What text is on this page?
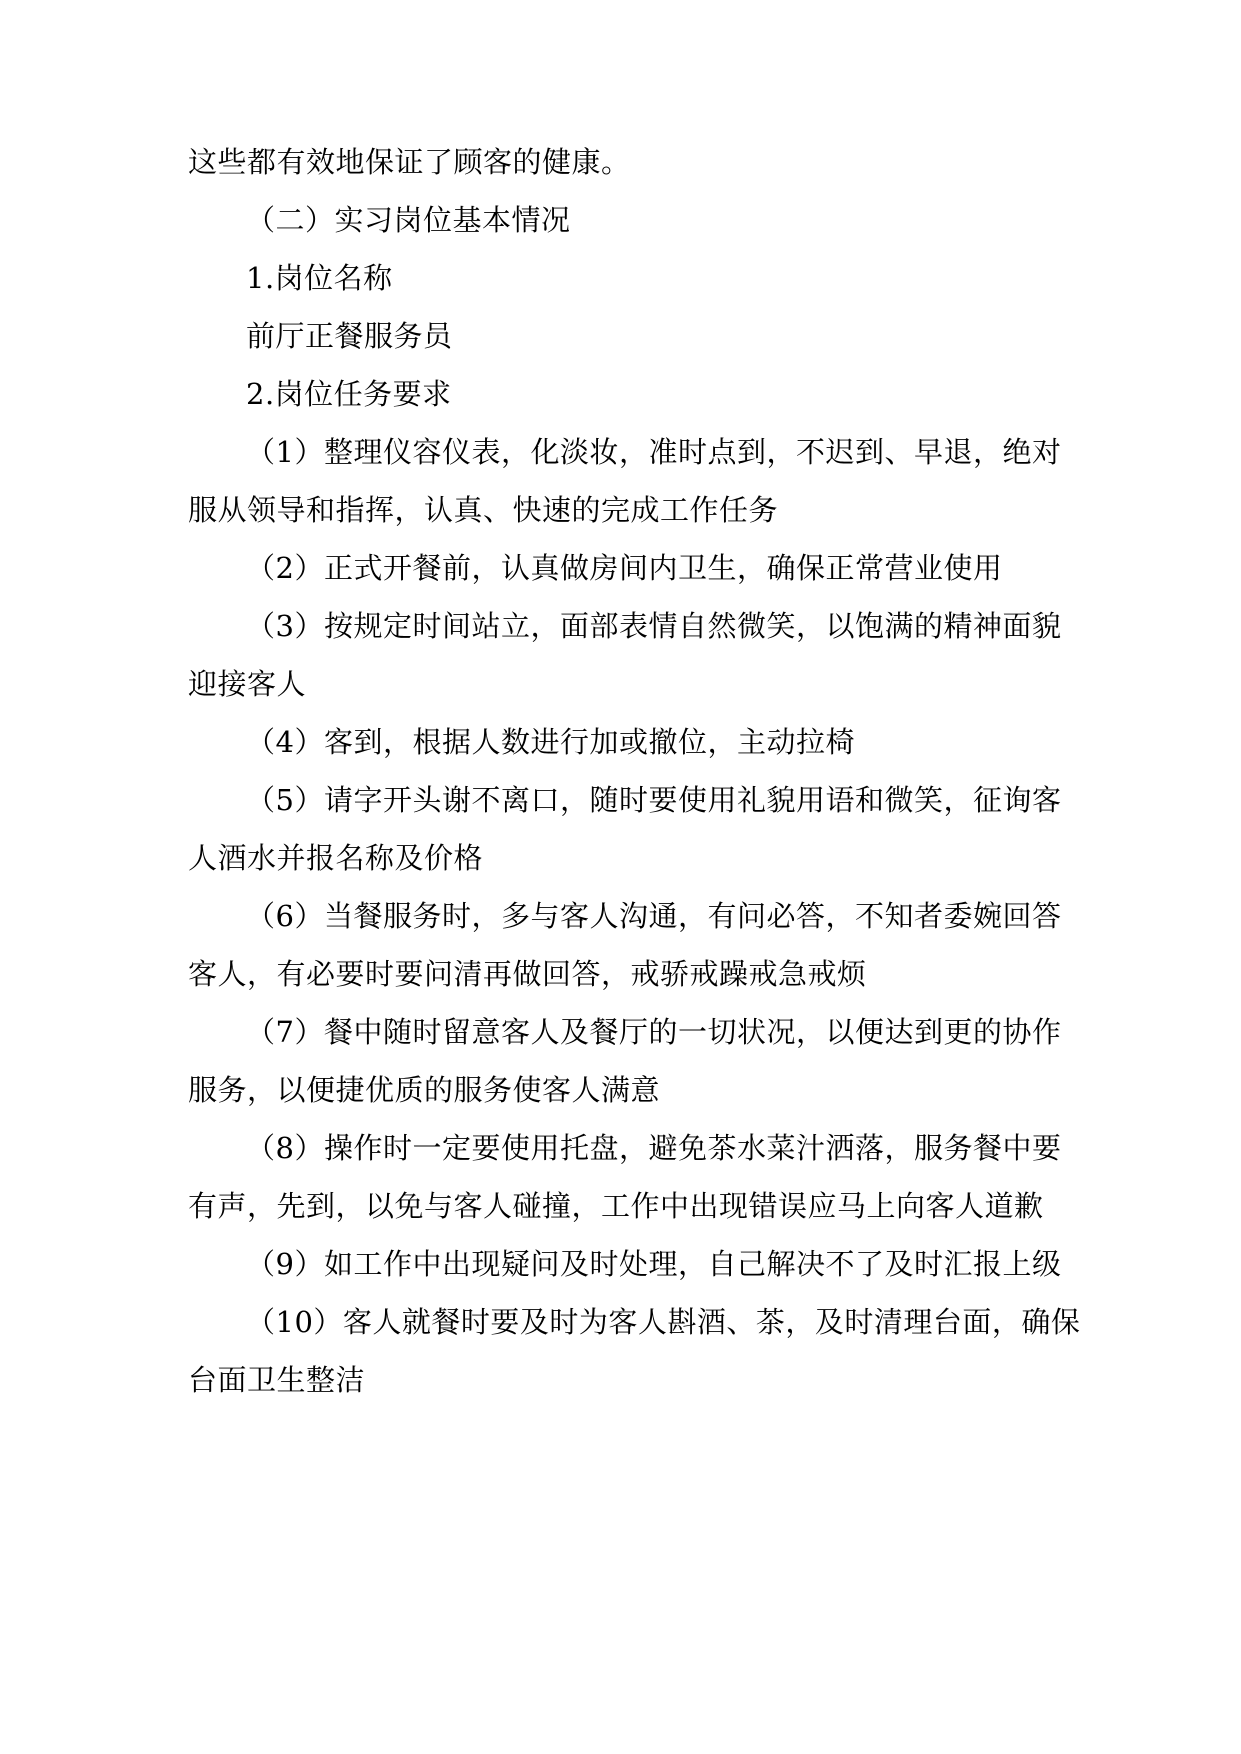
这些都有效地保证了顾客的健康。
（二）实习岗位基本情况
1.岗位名称
前厅正餐服务员
2.岗位任务要求
（1）整理仪容仪表，化淡妆，准时点到，不迟到、早退，绝对
服从领导和指挥，认真、快速的完成工作任务
（2）正式开餐前，认真做房间内卫生，确保正常营业使用
（3）按规定时间站立，面部表情自然微笑，以饱满的精神面貌
迎接客人
（4）客到，根据人数进行加或撤位，主动拉椅
（5）请字开头谢不离口，随时要使用礼貌用语和微笑，征询客
人酒水并报名称及价格
（6）当餐服务时，多与客人沟通，有问必答，不知者委婉回答
客人，有必要时要问清再做回答，戒骄戒躁戒急戒烦
（7）餐中随时留意客人及餐厅的一切状况，以便达到更的协作
服务，以便捷优质的服务使客人满意
（8）操作时一定要使用托盘，避免茶水菜汁洒落，服务餐中要
有声，先到，以免与客人碰撞，工作中出现错误应马上向客人道歉
（9）如工作中出现疑问及时处理，自己解决不了及时汇报上级
（10）客人就餐时要及时为客人斟酒、茶，及时清理台面，确保
台面卫生整洁
